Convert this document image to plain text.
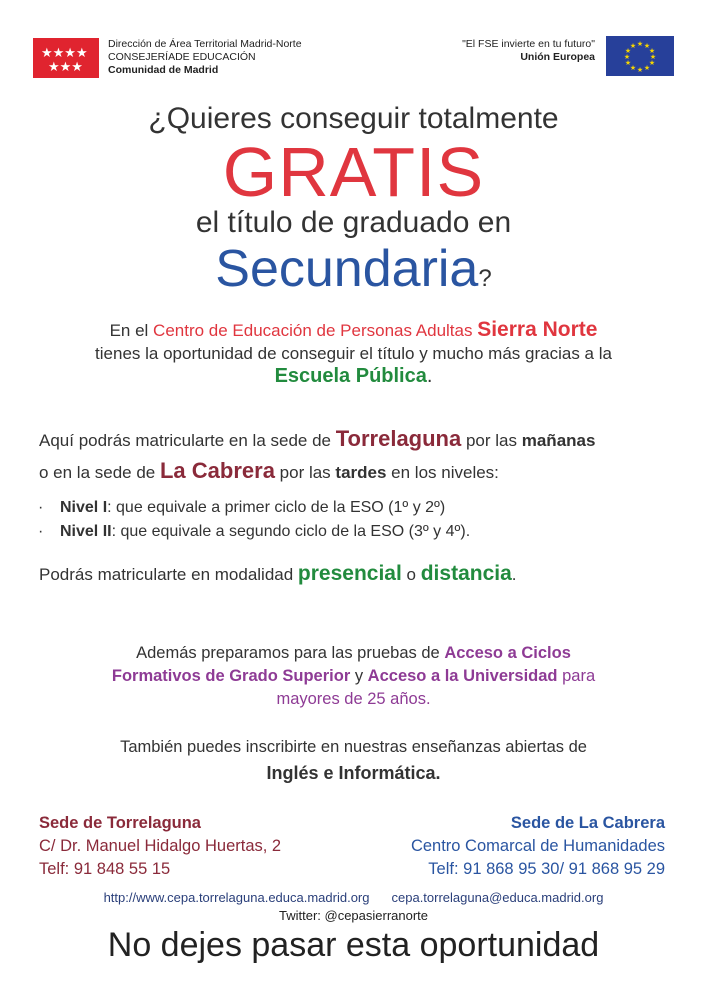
★★★★
★★★
Dirección de Área Territorial Madrid-Norte
CONSEJERÍADE EDUCACIÓN
Comunidad de Madrid
"El FSE invierte en tu futuro"
Unión Europea
★ ★
★
★
★
★
★
★
★
★
★
★
¿Quieres conseguir totalmente
GRATIS
el título de graduado en
Secundaria?
En el Centro de Educación de Personas Adultas Sierra Norte
tienes la oportunidad de conseguir el título y mucho más gracias a la
Escuela Pública.
Aquí podrás matricularte en la sede de Torrelaguna por las mañanas
o en la sede de La Cabrera por las tardes en los niveles:
· Nivel I: que equivale a primer ciclo de la ESO (1º y 2º)
· Nivel II: que equivale a segundo ciclo de la ESO (3º y 4º).
Podrás matricularte en modalidad presencial o distancia.
Además preparamos para las pruebas de Acceso a Ciclos
Formativos de Grado Superior y Acceso a la Universidad para
mayores de 25 años.
También puedes inscribirte en nuestras enseñanzas abiertas de
Inglés e Informática.
Sede de Torrelaguna
C/ Dr. Manuel Hidalgo Huertas, 2
Telf: 91 848 55 15
Sede de La Cabrera
Centro Comarcal de Humanidades
Telf: 91 868 95 30/ 91 868 95 29
http://www.cepa.torrelaguna.educa.madrid.org cepa.torrelaguna@educa.madrid.org
Twitter: @cepasierranorte
No dejes pasar esta oportunidad
